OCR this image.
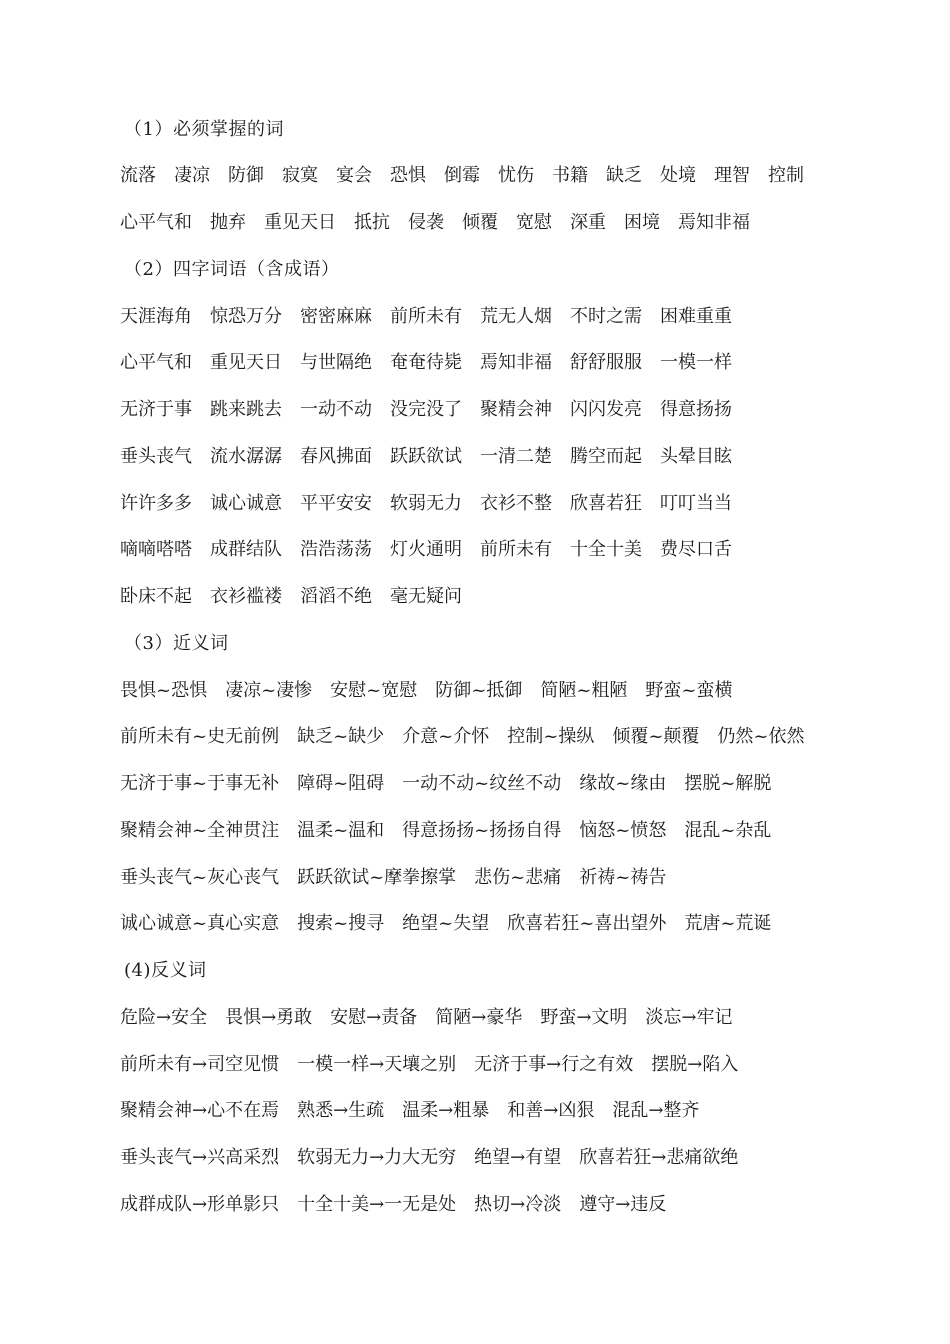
（1）必须掌握的词
流落　凄凉　防御　寂寞　宴会　恐惧　倒霉　忧伤　书籍　缺乏　处境　理智　控制
心平气和　抛弃　重见天日　抵抗　侵袭　倾覆　宽慰　深重　困境　焉知非福
（2）四字词语（含成语）
天涯海角　惊恐万分　密密麻麻　前所未有　荒无人烟　不时之需　困难重重
心平气和　重见天日　与世隔绝　奄奄待毙　焉知非福　舒舒服服　一模一样
无济于事　跳来跳去　一动不动　没完没了　聚精会神　闪闪发亮　得意扬扬
垂头丧气　流水潺潺　春风拂面　跃跃欲试　一清二楚　腾空而起　头晕目眩
许许多多　诚心诚意　平平安安　软弱无力　衣衫不整　欣喜若狂　叮叮当当
嘀嘀嗒嗒　成群结队　浩浩荡荡　灯火通明　前所未有　十全十美　费尽口舌
卧床不起　衣衫褴褛　滔滔不绝　毫无疑问
（3）近义词
畏惧~恐惧　凄凉~凄惨　安慰~宽慰　防御~抵御　简陋~粗陋　野蛮~蛮横
前所未有~史无前例　缺乏~缺少　介意~介怀　控制~操纵　倾覆~颠覆　仍然~依然
无济于事~于事无补　障碍~阻碍　一动不动~纹丝不动　缘故~缘由　摆脱~解脱
聚精会神~全神贯注　温柔~温和　得意扬扬~扬扬自得　恼怒~愤怒　混乱~杂乱
垂头丧气~灰心丧气　跃跃欲试~摩拳擦掌　悲伤~悲痛　祈祷~祷告
诚心诚意~真心实意　搜索~搜寻　绝望~失望　欣喜若狂~喜出望外　荒唐~荒诞
(4)反义词
危险→安全　畏惧→勇敢　安慰→责备　简陋→豪华　野蛮→文明　淡忘→牢记
前所未有→司空见惯　一模一样→天壤之别　无济于事→行之有效　摆脱→陷入
聚精会神→心不在焉　熟悉→生疏　温柔→粗暴　和善→凶狠　混乱→整齐
垂头丧气→兴高采烈　软弱无力→力大无穷　绝望→有望　欣喜若狂→悲痛欲绝
成群成队→形单影只　十全十美→一无是处　热切→冷淡　遵守→违反
